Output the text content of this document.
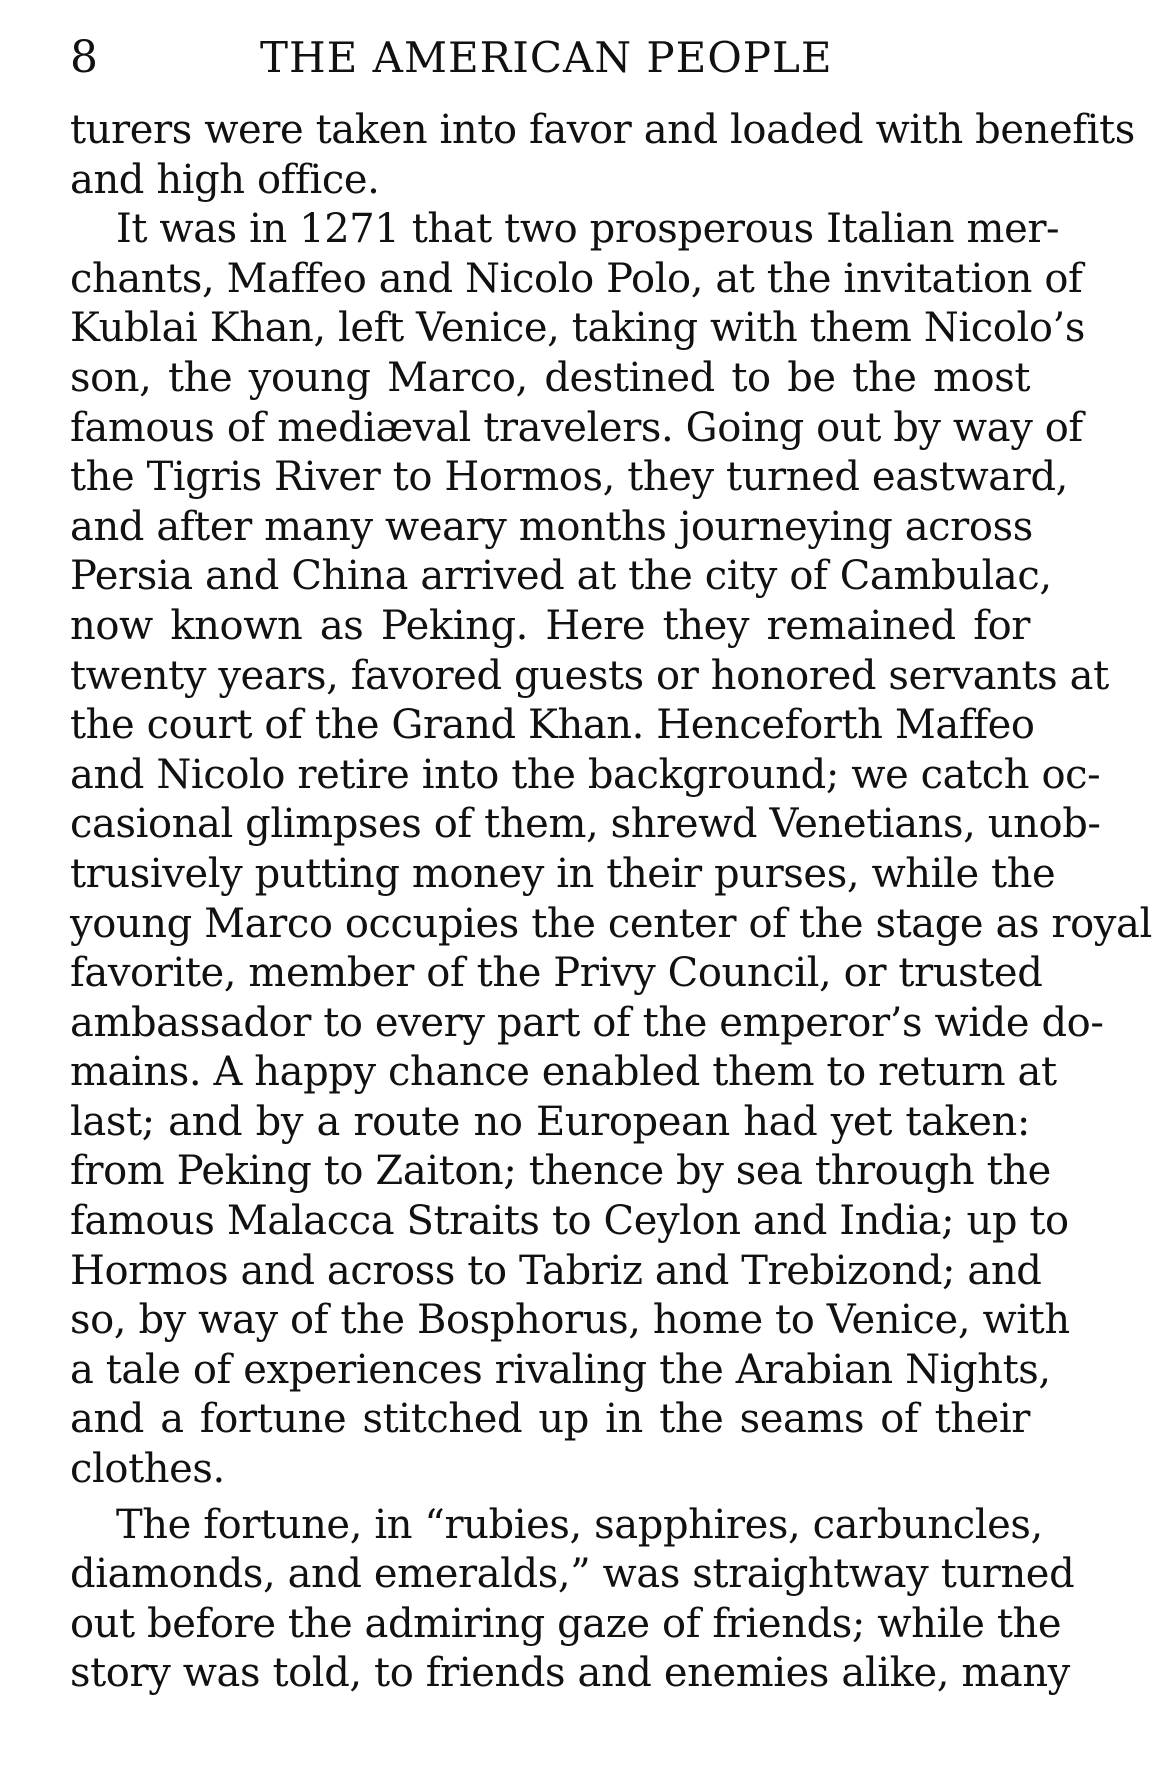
8	THE AMERICAN PEOPLE
turers were taken into favor and loaded with benefits
and high office.
It was in 1271 that two prosperous Italian mer-
chants, Maffeo and Nicolo Polo, at the invitation of
Kublai Khan, left Venice, taking with them Nicolo’s
son, the young Marco, destined to be the most
famous of mediæval travelers. Going out by way of
the Tigris River to Hormos, they turned eastward,
and after many weary months journeying across
Persia and China arrived at the city of Cambulac,
now known as Peking. Here they remained for
twenty years, favored guests or honored servants at
the court of the Grand Khan. Henceforth Maffeo
and Nicolo retire into the background; we catch oc-
casional glimpses of them, shrewd Venetians, unob-
trusively putting money in their purses, while the
young Marco occupies the center of the stage as royal
favorite, member of the Privy Council, or trusted
ambassador to every part of the emperor’s wide do-
mains. A happy chance enabled them to return at
last; and by a route no European had yet taken:
from Peking to Zaiton; thence by sea through the
famous Malacca Straits to Ceylon and India; up to
Hormos and across to Tabriz and Trebizond; and
so, by way of the Bosphorus, home to Venice, with
a tale of experiences rivaling the Arabian Nights,
and a fortune stitched up in the seams of their
clothes.
The fortune, in “rubies, sapphires, carbuncles,
diamonds, and emeralds,” was straightway turned
out before the admiring gaze of friends; while the
story was told, to friends and enemies alike, many
